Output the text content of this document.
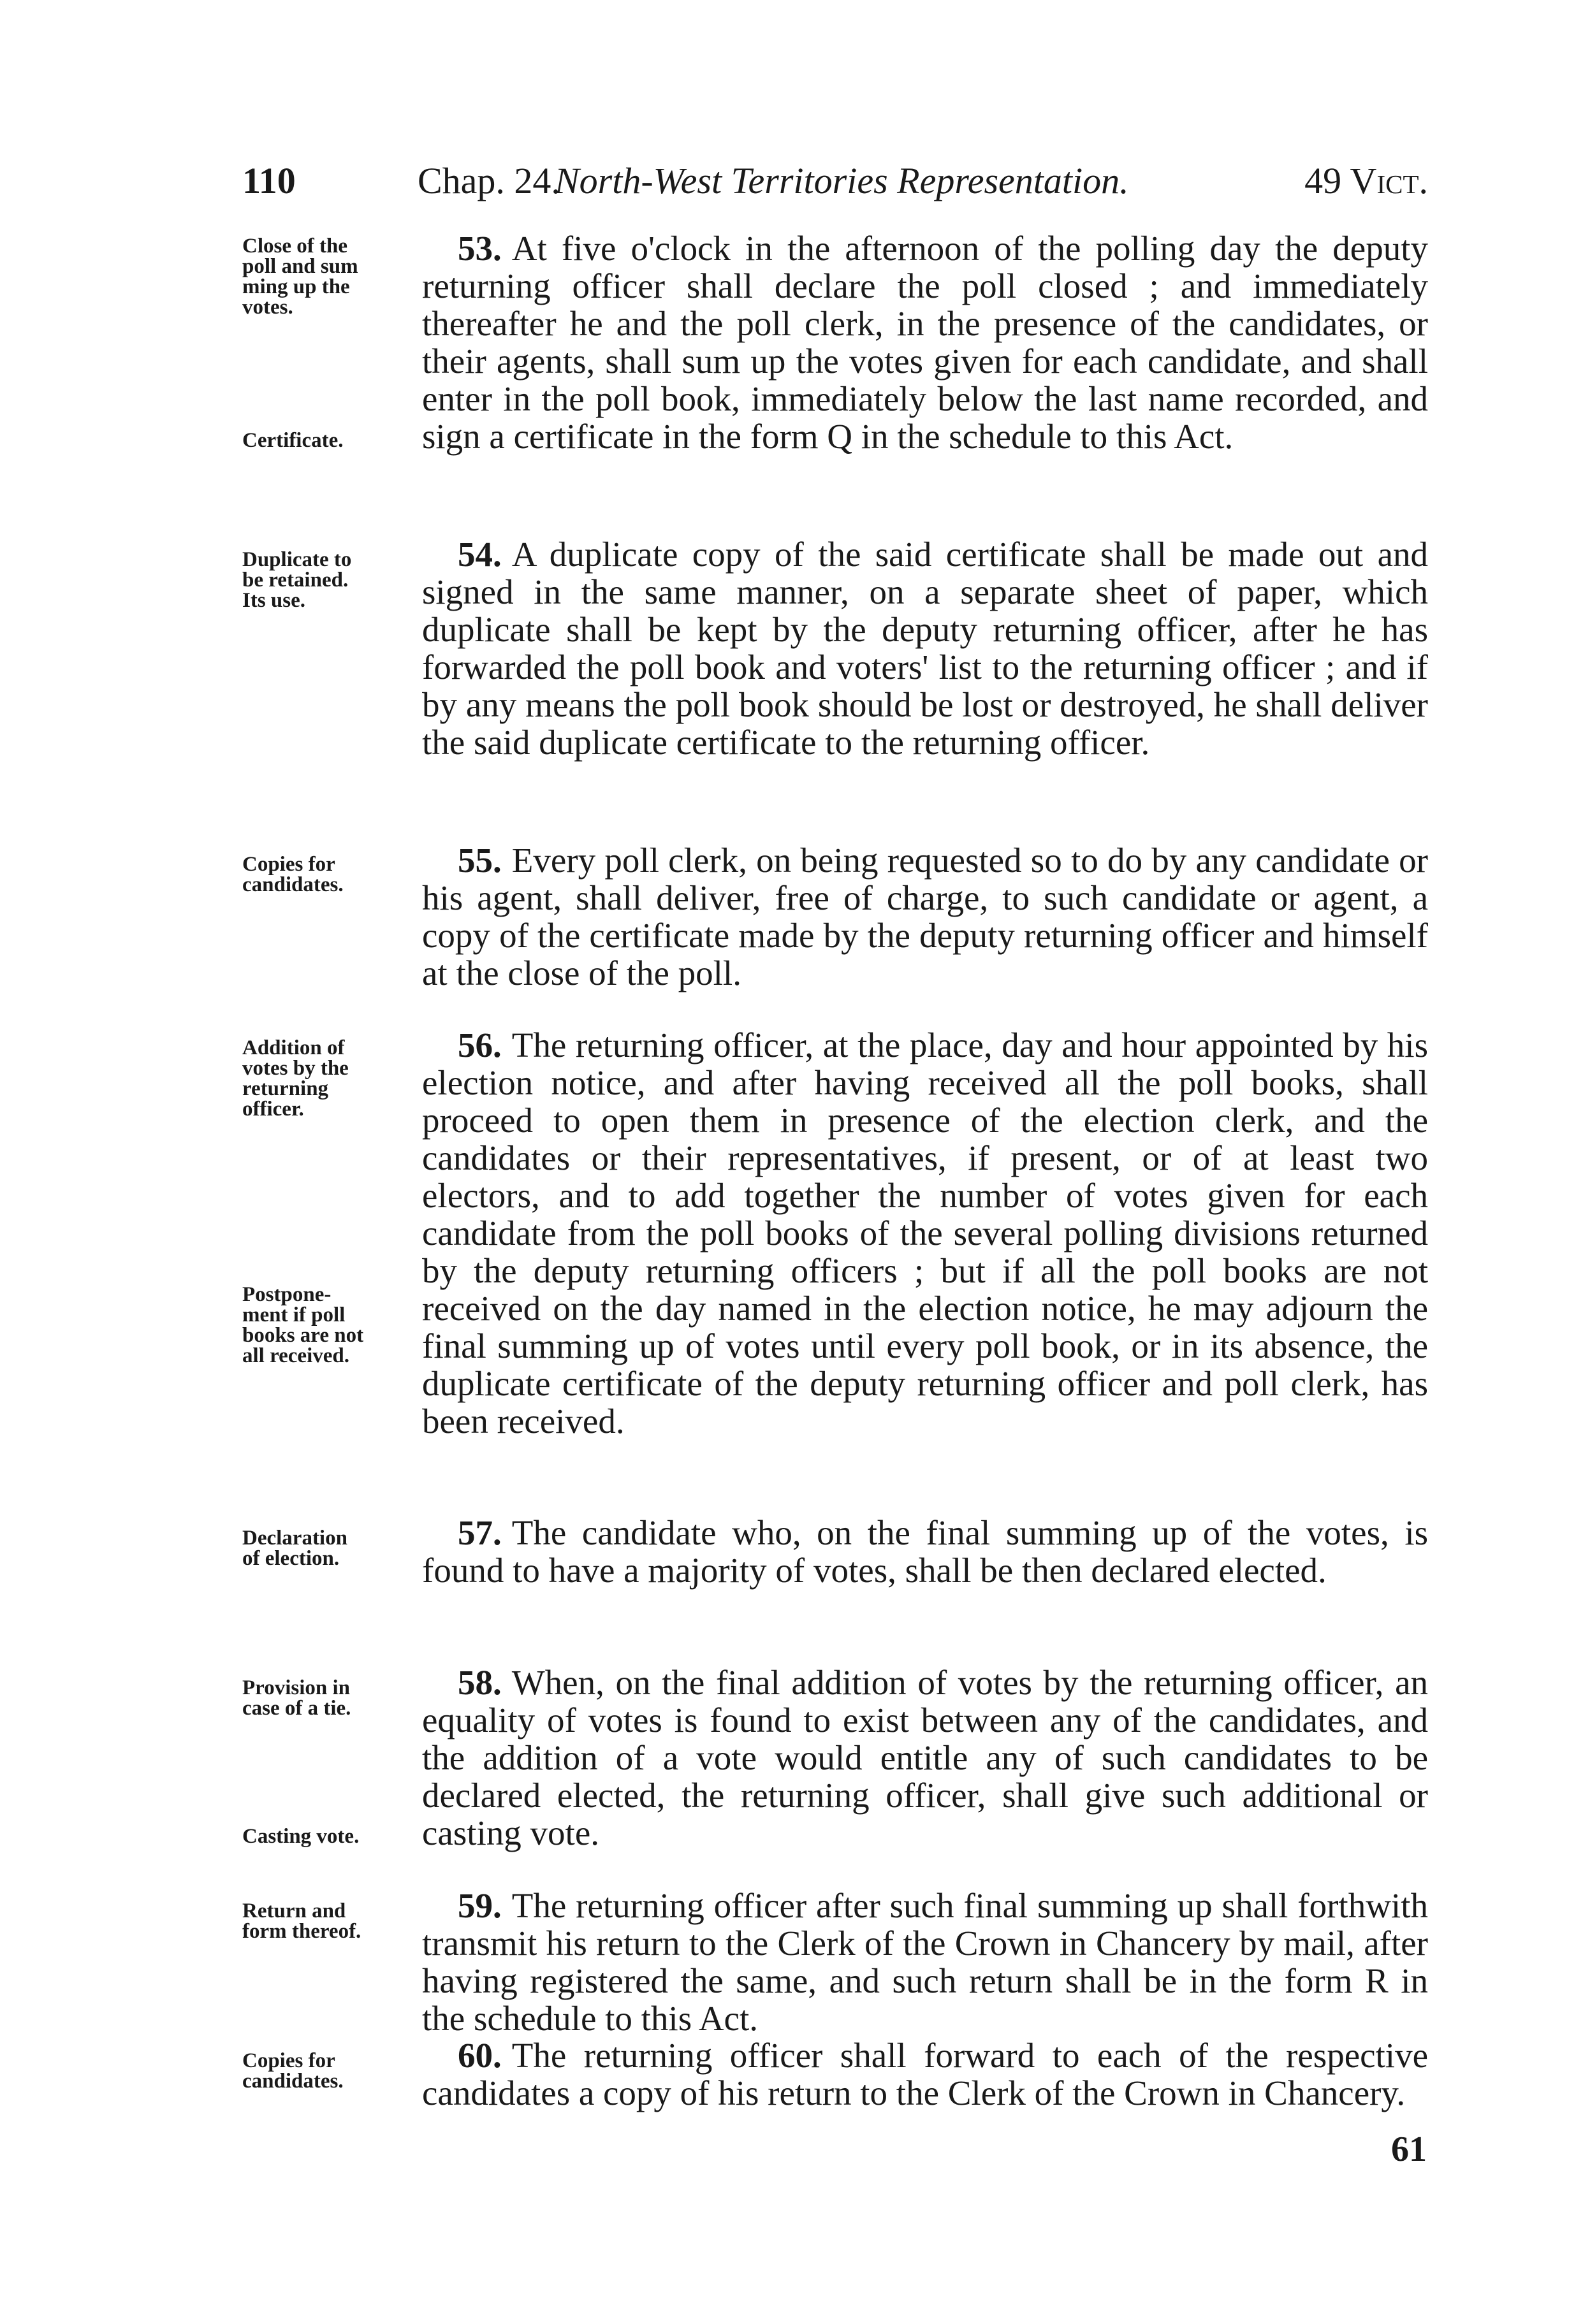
110	Chap. 24.
North-West Territories Representation.	49 Vict.
Close of the
poll and sum
ming up the
votes.
Certificate.
53. At five o'clock in the afternoon of the polling day the deputy returning officer shall declare the poll closed ; and immediately thereafter he and the poll clerk, in the presence of the candidates, or their agents, shall sum up the votes given for each candidate, and shall enter in the poll book, immediately below the last name recorded, and sign a certificate in the form Q in the schedule to this Act.
Duplicate to
be retained.
Its use.
54. A duplicate copy of the said certificate shall be made out and signed in the same manner, on a separate sheet of paper, which duplicate shall be kept by the deputy returning officer, after he has forwarded the poll book and voters' list to the returning officer ; and if by any means the poll book should be lost or destroyed, he shall deliver the said duplicate certificate to the returning officer.
Copies for
candidates.
55. Every poll clerk, on being requested so to do by any candidate or his agent, shall deliver, free of charge, to such candidate or agent, a copy of the certificate made by the deputy returning officer and himself at the close of the poll.
Addition of
votes by the
returning
officer.
Postpone-
ment if poll
books are not
all received.
56. The returning officer, at the place, day and hour appointed by his election notice, and after having received all the poll books, shall proceed to open them in presence of the election clerk, and the candidates or their representatives, if present, or of at least two electors, and to add together the number of votes given for each candidate from the poll books of the several polling divisions returned by the deputy returning officers ; but if all the poll books are not received on the day named in the election notice, he may adjourn the final summing up of votes until every poll book, or in its absence, the duplicate certificate of the deputy returning officer and poll clerk, has been received.
Declaration
of election.
57. The candidate who, on the final summing up of the votes, is found to have a majority of votes, shall be then declared elected.
Provision in
case of a tie.
Casting vote.
58. When, on the final addition of votes by the returning officer, an equality of votes is found to exist between any of the candidates, and the addition of a vote would entitle any of such candidates to be declared elected, the returning officer, shall give such additional or casting vote.
Return and
form thereof.
59. The returning officer after such final summing up shall forthwith transmit his return to the Clerk of the Crown in Chancery by mail, after having registered the same, and such return shall be in the form R in the schedule to this Act.
Copies for
candidates.
60. The returning officer shall forward to each of the respective candidates a copy of his return to the Clerk of the Crown in Chancery.
61
